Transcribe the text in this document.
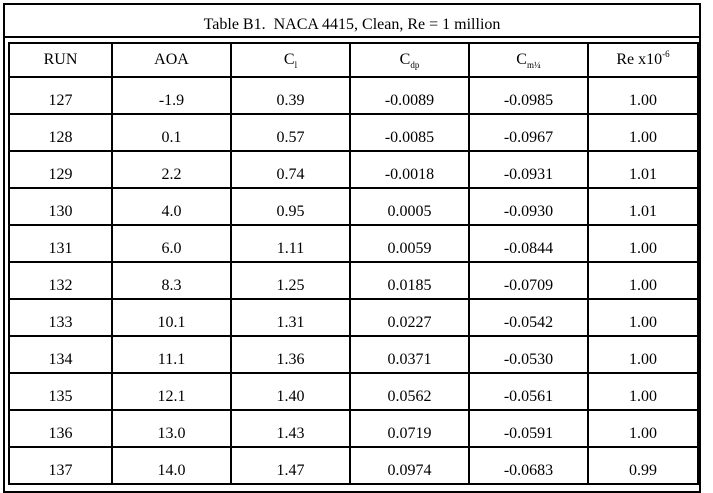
Table B1.  NACA 4415, Clean, Re = 1 million
RUN	AOA	$C_l$	$C_{dp}$	$C_{m\frac{1}{4}}$	Re $x10^{-6}$
127	-1.9	0.39	-0.0089	-0.0985	1.00
128	0.1	0.57	-0.0085	-0.0967	1.00
129	2.2	0.74	-0.0018	-0.0931	1.01
130	4.0	0.95	0.0005	-0.0930	1.01
131	6.0	1.11	0.0059	-0.0844	1.00
132	8.3	1.25	0.0185	-0.0709	1.00
133	10.1	1.31	0.0227	-0.0542	1.00
134	11.1	1.36	0.0371	-0.0530	1.00
135	12.1	1.40	0.0562	-0.0561	1.00
136	13.0	1.43	0.0719	-0.0591	1.00
137	14.0	1.47	0.0974	-0.0683	0.99
